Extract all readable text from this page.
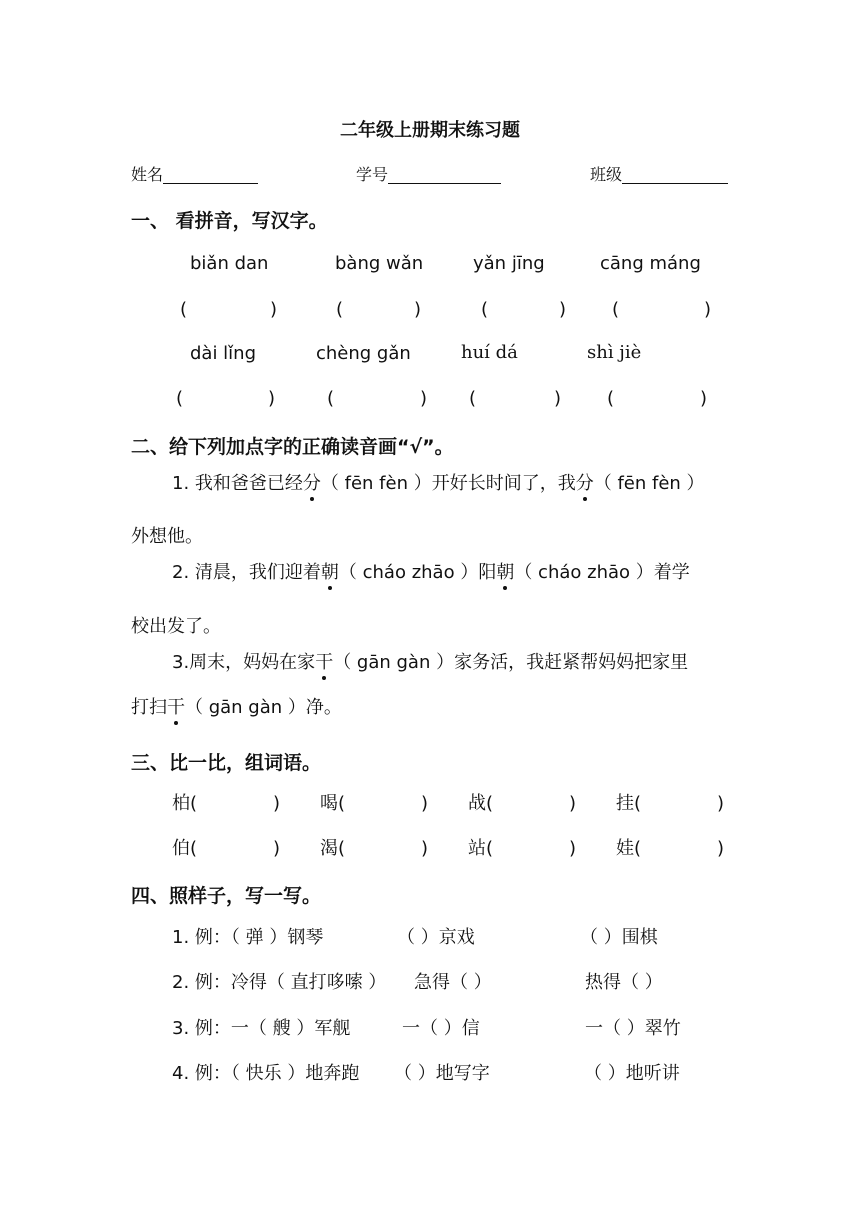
二年级上册期末练习题
姓名	学号	班级
一、 看拼音，写汉字。
biǎn dan	bàng wǎn	yǎn jīng	cāng máng
(	)	(	)	(	)	(	)
dài lǐng	chèng gǎn	huí dá	shì jiè
(	)	(	) (	)	(	)
二、给下列加点字的正确读音画“√”。
1. 我和爸爸已经分（ fēn fèn ）开好长时间了，我分（ fēn fèn ）
外想他。
2. 清晨，我们迎着朝（ cháo zhāo ）阳朝（ cháo zhāo ）着学
校出发了。
3.周末，妈妈在家干（ gān gàn ）家务活，我赶紧帮妈妈把家里
打扫干（ gān gàn ）净。
三、比一比，组词语。
柏(	) 喝(	) 战(	) 挂(	)
伯(	) 渴(	) 站(	) 娃(	)
四、照样子，写一写。
1. 例：（ 弹 ）钢琴	（ ）京戏	（ ）围棋
2. 例：冷得（ 直打哆嗦 ） 急得（ ）	热得（ ）
3. 例：一（ 艘 ）军舰	一（ ）信	一（ ）翠竹
4. 例：（ 快乐 ）地奔跑 （ ）地写字	（ ）地听讲
